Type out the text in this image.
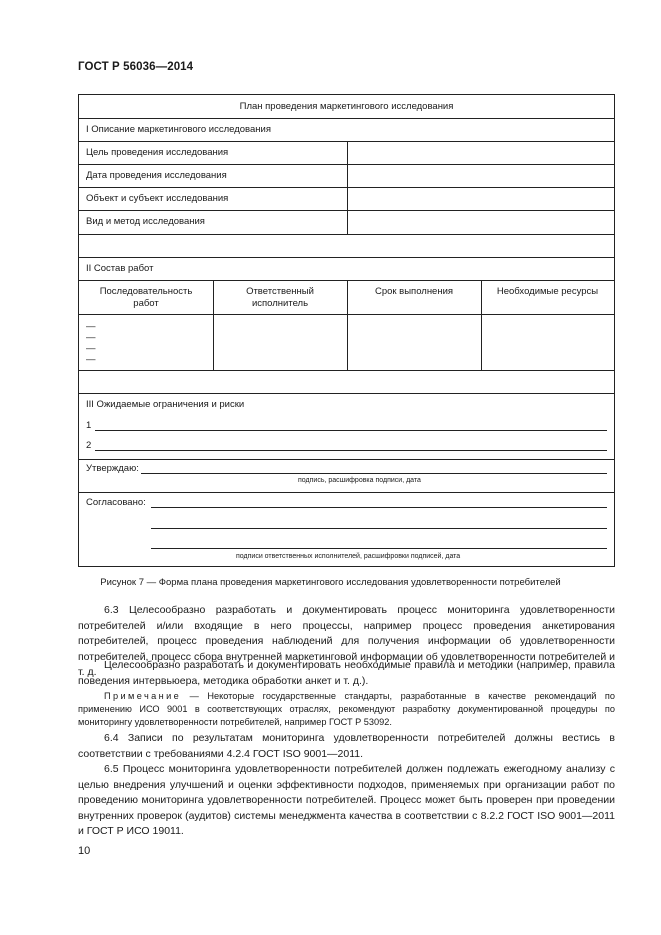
ГОСТ Р 56036—2014
План проведения маркетингового исследования
I Описание маркетингового исследования
Цель проведения исследования
Дата проведения исследования
Объект и субъект исследования
Вид и метод исследования
II Состав работ
Последовательность работ
Ответственный исполнитель
Срок выполнения	Необходимые ресурсы
—
—
—
—
III Ожидаемые ограничения и риски
1
2
Утверждаю:
подпись, расшифровка подписи, дата
Согласовано:
подписи ответственных исполнителей, расшифровки подписей, дата
Рисунок 7 — Форма плана проведения маркетингового исследования удовлетворенности потребителей
6.3 Целесообразно разработать и документировать процесс мониторинга удовлетворенности потребителей и/или входящие в него процессы, например процесс проведения анкетирования потребителей, процесс проведения наблюдений для получения информации об удовлетворенности потребителей, процесс сбора внутренней маркетинговой информации об удовлетворенности потребителей и т. д.
Целесообразно разработать и документировать необходимые правила и методики (например, правила поведения интервьюера, методика обработки анкет и т. д.).
Примечание — Некоторые государственные стандарты, разработанные в качестве рекомендаций по применению ИСО 9001 в соответствующих отраслях, рекомендуют разработку документированной процедуры по мониторингу удовлетворенности потребителей, например ГОСТ Р 53092.
6.4 Записи по результатам мониторинга удовлетворенности потребителей должны вестись в соответствии с требованиями 4.2.4 ГОСТ ISO 9001—2011.
6.5 Процесс мониторинга удовлетворенности потребителей должен подлежать ежегодному анализу с целью внедрения улучшений и оценки эффективности подходов, применяемых при организации работ по проведению мониторинга удовлетворенности потребителей. Процесс может быть проверен при проведении внутренних проверок (аудитов) системы менеджмента качества в соответствии с 8.2.2 ГОСТ ISO 9001—2011 и ГОСТ Р ИСО 19011.
10
